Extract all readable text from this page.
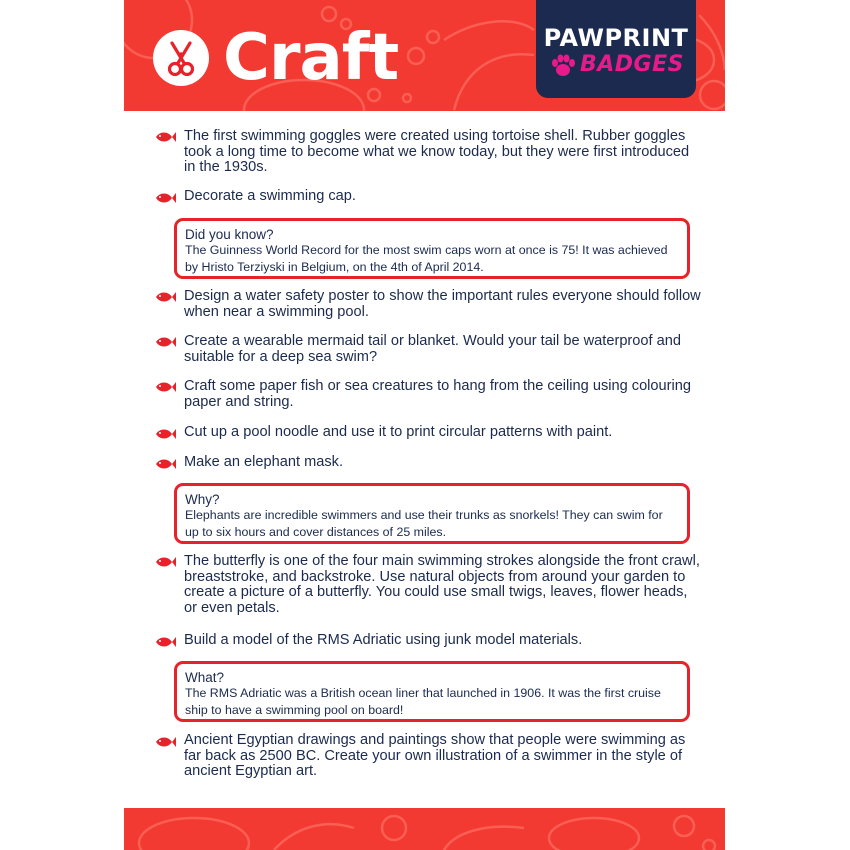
Craft	PAWPRINT
BADGES
The first swimming goggles were created using tortoise shell. Rubber goggles took a long time to become what we know today, but they were first introduced in the 1930s.
Decorate a swimming cap.
Did you know?
The Guinness World Record for the most swim caps worn at once is 75! It was achieved by Hristo Terziyski in Belgium, on the 4th of April 2014.
Design a water safety poster to show the important rules everyone should follow when near a swimming pool.
Create a wearable mermaid tail or blanket. Would your tail be waterproof and suitable for a deep sea swim?
Craft some paper fish or sea creatures to hang from the ceiling using colouring paper and string.
Cut up a pool noodle and use it to print circular patterns with paint.
Make an elephant mask.
Why?
Elephants are incredible swimmers and use their trunks as snorkels! They can swim for up to six hours and cover distances of 25 miles.
The butterfly is one of the four main swimming strokes alongside the front crawl, breaststroke, and backstroke. Use natural objects from around your garden to create a picture of a butterfly. You could use small twigs, leaves, flower heads, or even petals.
Build a model of the RMS Adriatic using junk model materials.
What?
The RMS Adriatic was a British ocean liner that launched in 1906. It was the first cruise ship to have a swimming pool on board!
Ancient Egyptian drawings and paintings show that people were swimming as far back as 2500 BC. Create your own illustration of a swimmer in the style of ancient Egyptian art.
